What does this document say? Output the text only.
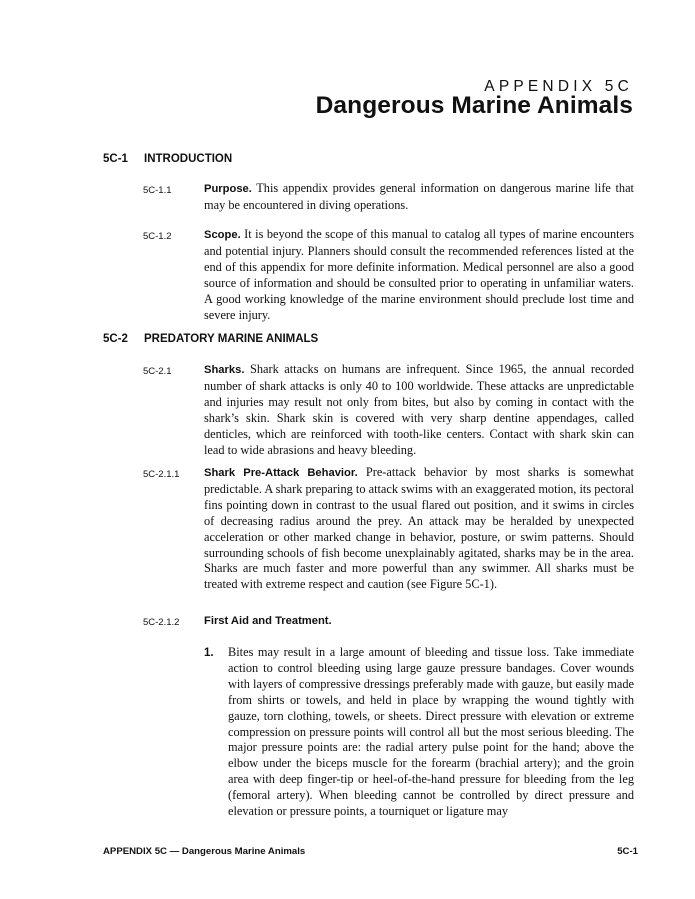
APPENDIX 5C
Dangerous Marine Animals
5C-1 INTRODUCTION
5C-1.1	Purpose. This appendix provides general information on dangerous marine life that may be encountered in diving operations.
5C-1.2	Scope. It is beyond the scope of this manual to catalog all types of marine encounters and potential injury. Planners should consult the recommended references listed at the end of this appendix for more definite information. Medical personnel are also a good source of information and should be consulted prior to operating in unfamiliar waters. A good working knowledge of the marine environment should preclude lost time and severe injury.
5C-2 PREDATORY MARINE ANIMALS
5C-2.1	Sharks. Shark attacks on humans are infrequent. Since 1965, the annual recorded number of shark attacks is only 40 to 100 worldwide. These attacks are unpredictable and injuries may result not only from bites, but also by coming in contact with the shark’s skin. Shark skin is covered with very sharp dentine appendages, called denticles, which are reinforced with tooth-like centers. Contact with shark skin can lead to wide abrasions and heavy bleeding.
5C-2.1.1 Shark Pre-Attack Behavior. Pre-attack behavior by most sharks is somewhat predictable. A shark preparing to attack swims with an exaggerated motion, its pectoral fins pointing down in contrast to the usual flared out position, and it swims in circles of decreasing radius around the prey. An attack may be heralded by unexpected acceleration or other marked change in behavior, posture, or swim patterns. Should surrounding schools of fish become unexplainably agitated, sharks may be in the area. Sharks are much faster and more powerful than any swimmer. All sharks must be treated with extreme respect and caution (see Figure 5C-1).
5C-2.1.2 First Aid and Treatment.
1. Bites may result in a large amount of bleeding and tissue loss. Take immediate action to control bleeding using large gauze pressure bandages. Cover wounds with layers of compressive dressings preferably made with gauze, but easily made from shirts or towels, and held in place by wrapping the wound tightly with gauze, torn clothing, towels, or sheets. Direct pressure with elevation or extreme compression on pressure points will control all but the most serious bleeding. The major pressure points are: the radial artery pulse point for the hand; above the elbow under the biceps muscle for the forearm (brachial artery); and the groin area with deep finger-tip or heel-of-the-hand pressure for bleeding from the leg (femoral artery). When bleeding cannot be controlled by direct pressure and elevation or pressure points, a tourniquet or ligature may
APPENDIX 5C — Dangerous Marine Animals	5C-1
